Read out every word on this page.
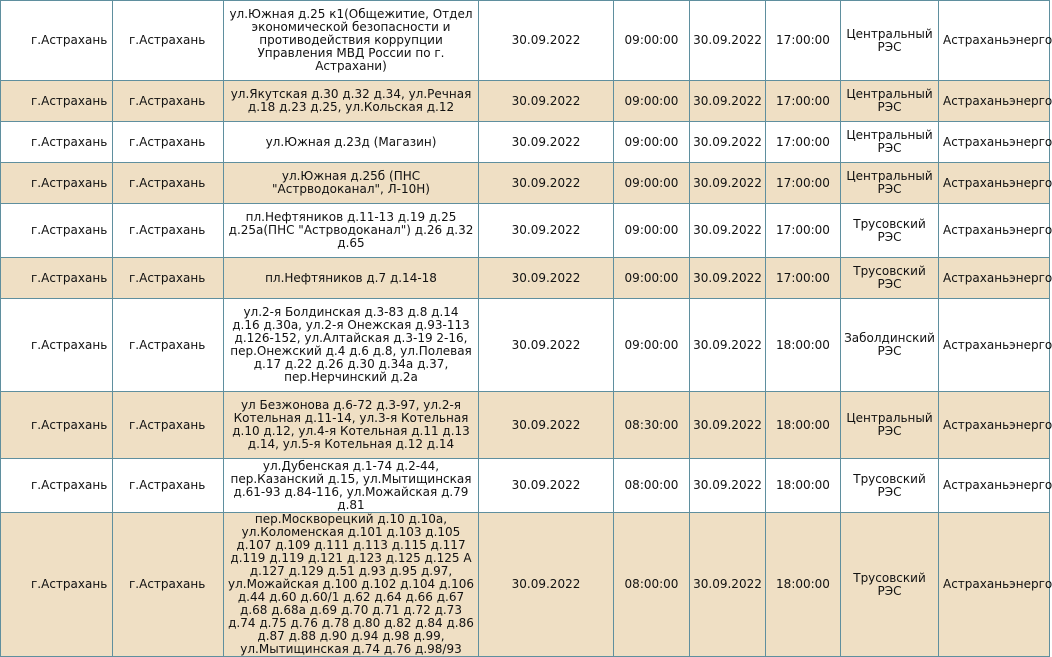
г.Астрахань	г.Астрахань	ул.Южная д.25 к1(Общежитие, Отдел экономической безопасности и противодействия коррупции Управления МВД России по г. Астрахани)	30.09.2022	09:00:00	30.09.2022	17:00:00	Центральный РЭС	Астраханьэнерго
г.Астрахань	г.Астрахань	ул.Якутская д.30 д.32 д.34, ул.Речная д.18 д.23 д.25, ул.Кольская д.12	30.09.2022	09:00:00	30.09.2022	17:00:00	Центральный РЭС	Астраханьэнерго
г.Астрахань	г.Астрахань	ул.Южная д.23д (Магазин)	30.09.2022	09:00:00	30.09.2022	17:00:00	Центральный РЭС	Астраханьэнерго
г.Астрахань	г.Астрахань	ул.Южная д.25б (ПНС "Астрводоканал", Л-10Н)	30.09.2022	09:00:00	30.09.2022	17:00:00	Центральный РЭС	Астраханьэнерго
г.Астрахань	г.Астрахань	пл.Нефтяников д.11-13 д.19 д.25 д.25а(ПНС "Астрводоканал") д.26 д.32 д.65	30.09.2022	09:00:00	30.09.2022	17:00:00	Трусовский РЭС	Астраханьэнерго
г.Астрахань	г.Астрахань	пл.Нефтяников д.7 д.14-18	30.09.2022	09:00:00	30.09.2022	17:00:00	Трусовский РЭС	Астраханьэнерго
г.Астрахань	г.Астрахань	ул.2-я Болдинская д.3-83 д.8 д.14 д.16 д.30а, ул.2-я Онежская д.93-113 д.126-152, ул.Алтайская д.3-19 2-16, пер.Онежский д.4 д.6 д.8, ул.Полевая д.17 д.22 д.26 д.30 д.34а д.37, пер.Нерчинский д.2а	30.09.2022	09:00:00	30.09.2022	18:00:00	Заболдинский РЭС	Астраханьэнерго
г.Астрахань	г.Астрахань	ул Безжонова д.6-72 д.3-97, ул.2-я Котельная д.11-14, ул.3-я Котельная д.10 д.12, ул.4-я Котельная д.11 д.13 д.14, ул.5-я Котельная д.12 д.14	30.09.2022	08:30:00	30.09.2022	18:00:00	Центральный РЭС	Астраханьэнерго
г.Астрахань	г.Астрахань	ул.Дубенская д.1-74 д.2-44, пер.Казанский д.15, ул.Мытищинская д.61-93 д.84-116, ул.Можайская д.79 д.81	30.09.2022	08:00:00	30.09.2022	18:00:00	Трусовский РЭС	Астраханьэнерго
г.Астрахань	г.Астрахань	пер.Москворецкий д.10 д.10а, ул.Коломенская д.101 д.103 д.105 д.107 д.109 д.111 д.113 д.115 д.117 д.119 д.119 д.121 д.123 д.125 д.125 А д.127 д.129 д.51 д.93 д.95 д.97, ул.Можайская д.100 д.102 д.104 д.106 д.44 д.60 д.60/1 д.62 д.64 д.66 д.67 д.68 д.68а д.69 д.70 д.71 д.72 д.73 д.74 д.75 д.76 д.78 д.80 д.82 д.84 д.86 д.87 д.88 д.90 д.94 д.98 д.99, ул.Мытищинская д.74 д.76 д.98/93	30.09.2022	08:00:00	30.09.2022	18:00:00	Трусовский РЭС	Астраханьэнерго
